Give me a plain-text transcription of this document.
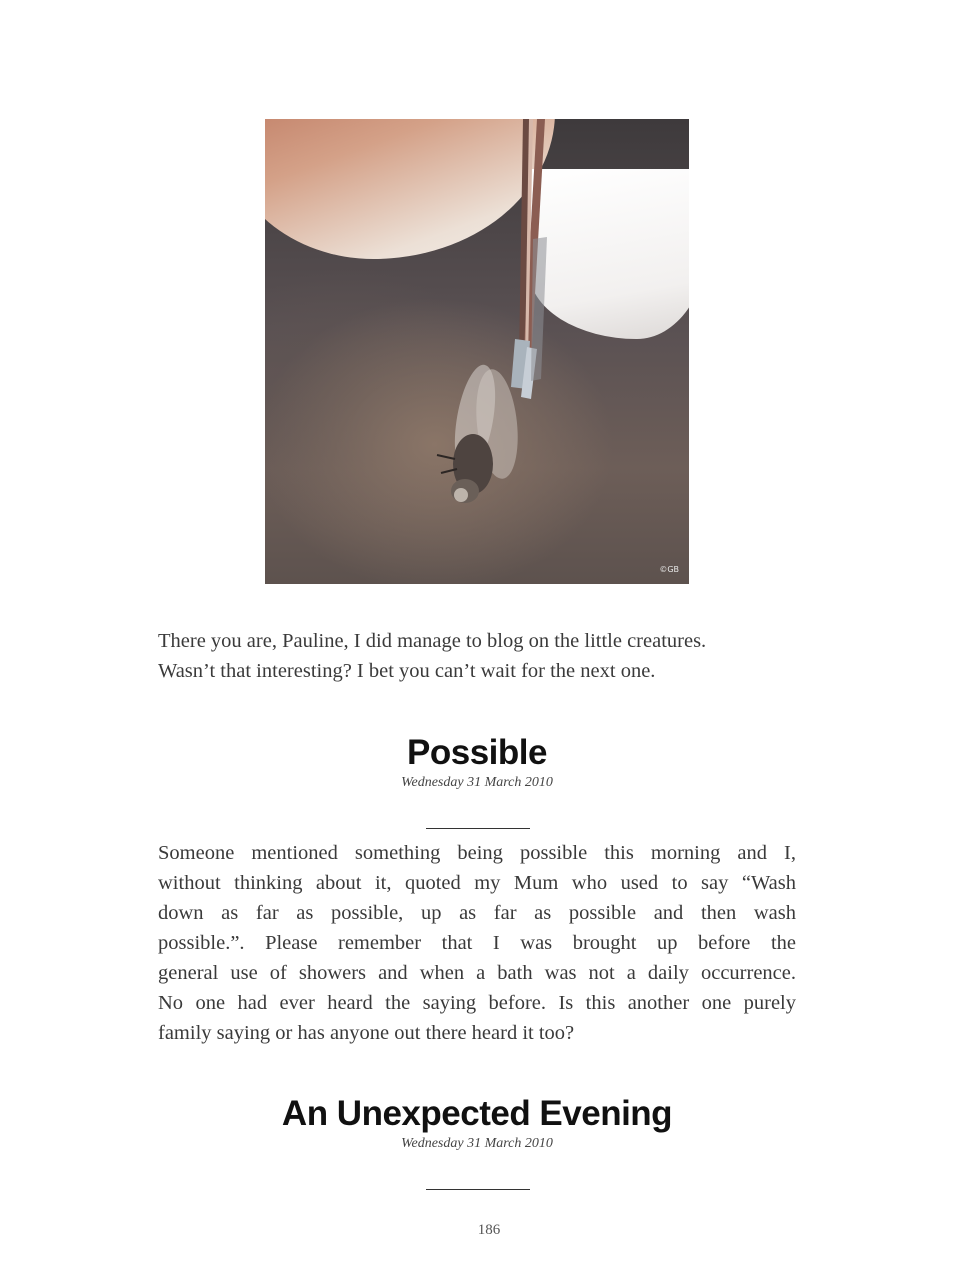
©GB
There you are, Pauline, I did manage to blog on the little creatures.
Wasn’t that interesting? I bet you can’t wait for the next one.
Possible
Wednesday 31 March 2010
Someone mentioned something being possible this morning and I,
without thinking about it, quoted my Mum who used to say “Wash
down as far as possible, up as far as possible and then wash
possible.”. Please remember that I was brought up before the
general use of showers and when a bath was not a daily occurrence.
No one had ever heard the saying before. Is this another one purely
family saying or has anyone out there heard it too?
An Unexpected Evening
Wednesday 31 March 2010
186
